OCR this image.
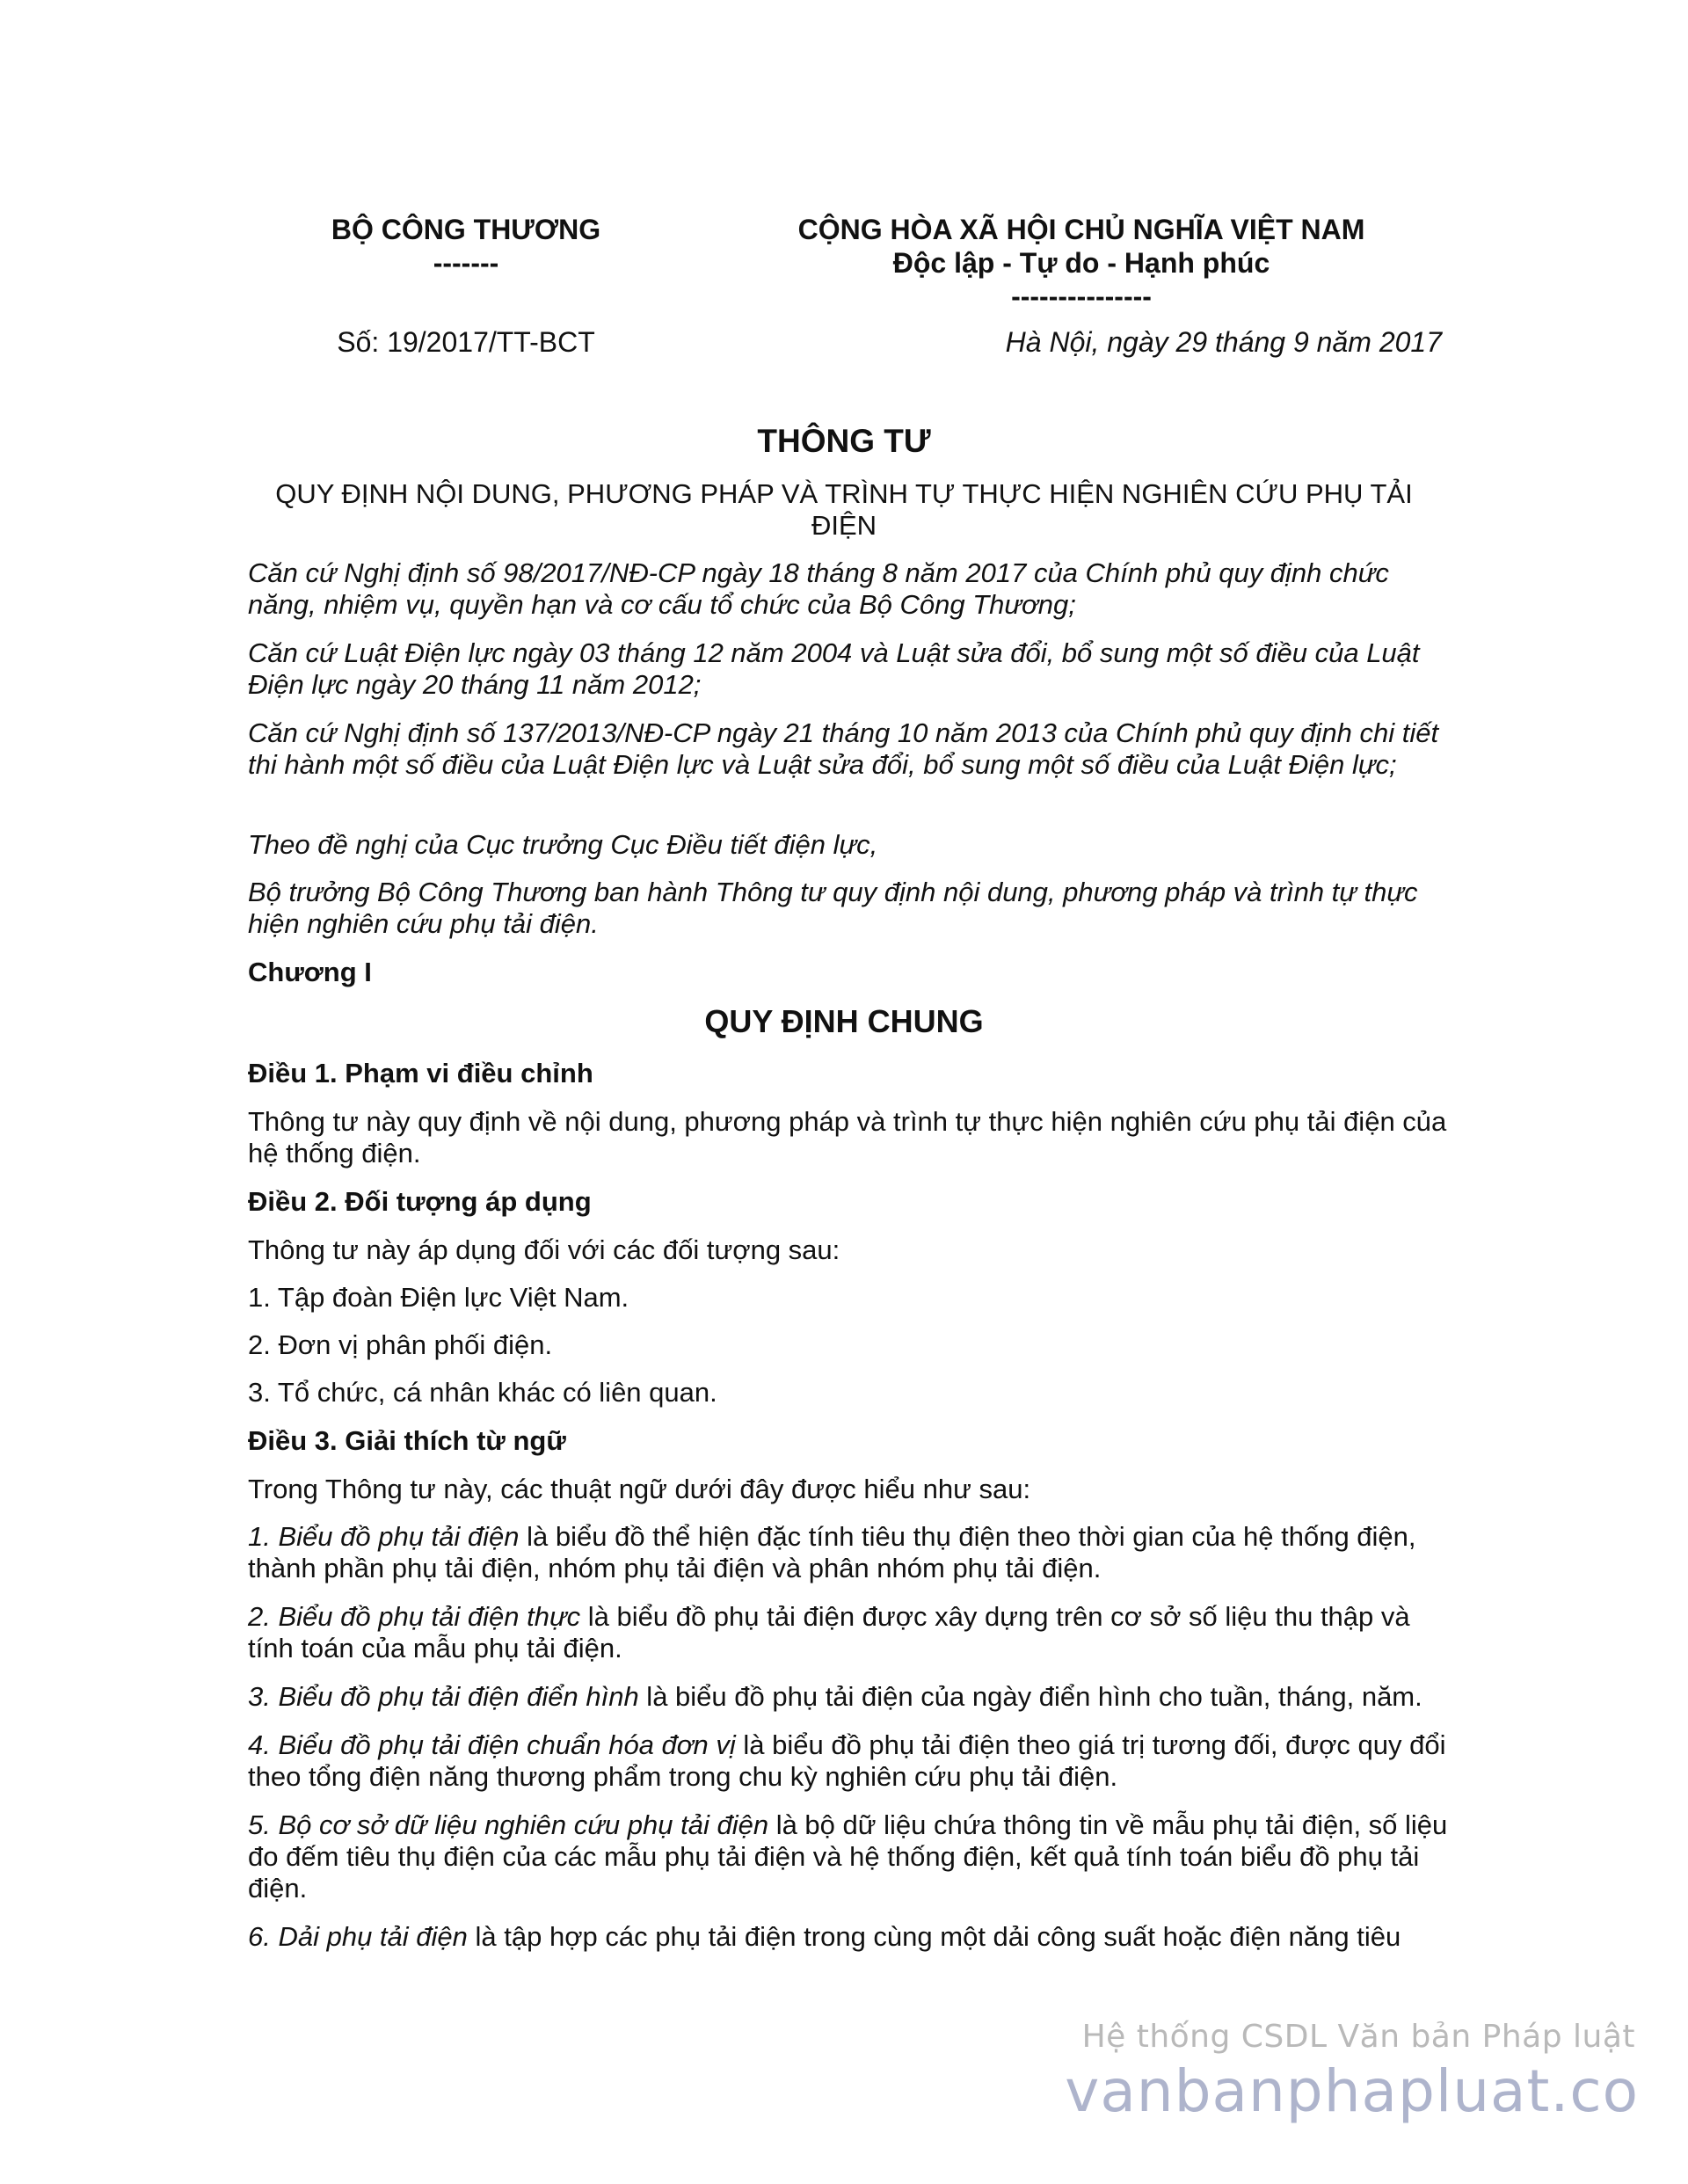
BỘ CÔNG THƯƠNG
-------
CỘNG HÒA XÃ HỘI CHỦ NGHĨA VIỆT NAM
Độc lập - Tự do - Hạnh phúc
---------------
Số: 19/2017/TT-BCT	Hà Nội, ngày 29 tháng 9 năm 2017
THÔNG TƯ
QUY ĐỊNH NỘI DUNG, PHƯƠNG PHÁP VÀ TRÌNH TỰ THỰC HIỆN NGHIÊN CỨU PHỤ TẢI ĐIỆN
Căn cứ Nghị định số 98/2017/NĐ-CP ngày 18 tháng 8 năm 2017 của Chính phủ quy định chức năng, nhiệm vụ, quyền hạn và cơ cấu tổ chức của Bộ Công Thương;
Căn cứ Luật Điện lực ngày 03 tháng 12 năm 2004 và Luật sửa đổi, bổ sung một số điều của Luật Điện lực ngày 20 tháng 11 năm 2012;
Căn cứ Nghị định số 137/2013/NĐ-CP ngày 21 tháng 10 năm 2013 của Chính phủ quy định chi tiết thi hành một số điều của Luật Điện lực và Luật sửa đổi, bổ sung một số điều của Luật Điện lực;
Theo đề nghị của Cục trưởng Cục Điều tiết điện lực,
Bộ trưởng Bộ Công Thương ban hành Thông tư quy định nội dung, phương pháp và trình tự thực hiện nghiên cứu phụ tải điện.
Chương I
QUY ĐỊNH CHUNG
Điều 1. Phạm vi điều chỉnh
Thông tư này quy định về nội dung, phương pháp và trình tự thực hiện nghiên cứu phụ tải điện của hệ thống điện.
Điều 2. Đối tượng áp dụng
Thông tư này áp dụng đối với các đối tượng sau:
1. Tập đoàn Điện lực Việt Nam.
2. Đơn vị phân phối điện.
3. Tổ chức, cá nhân khác có liên quan.
Điều 3. Giải thích từ ngữ
Trong Thông tư này, các thuật ngữ dưới đây được hiểu như sau:
1. Biểu đồ phụ tải điện là biểu đồ thể hiện đặc tính tiêu thụ điện theo thời gian của hệ thống điện, thành phần phụ tải điện, nhóm phụ tải điện và phân nhóm phụ tải điện.
2. Biểu đồ phụ tải điện thực là biểu đồ phụ tải điện được xây dựng trên cơ sở số liệu thu thập và tính toán của mẫu phụ tải điện.
3. Biểu đồ phụ tải điện điển hình là biểu đồ phụ tải điện của ngày điển hình cho tuần, tháng, năm.
4. Biểu đồ phụ tải điện chuẩn hóa đơn vị là biểu đồ phụ tải điện theo giá trị tương đối, được quy đổi theo tổng điện năng thương phẩm trong chu kỳ nghiên cứu phụ tải điện.
5. Bộ cơ sở dữ liệu nghiên cứu phụ tải điện là bộ dữ liệu chứa thông tin về mẫu phụ tải điện, số liệu đo đếm tiêu thụ điện của các mẫu phụ tải điện và hệ thống điện, kết quả tính toán biểu đồ phụ tải điện.
6. Dải phụ tải điện là tập hợp các phụ tải điện trong cùng một dải công suất hoặc điện năng tiêu
Hệ thống CSDL Văn bản Pháp luật
vanbanphapluat.co
